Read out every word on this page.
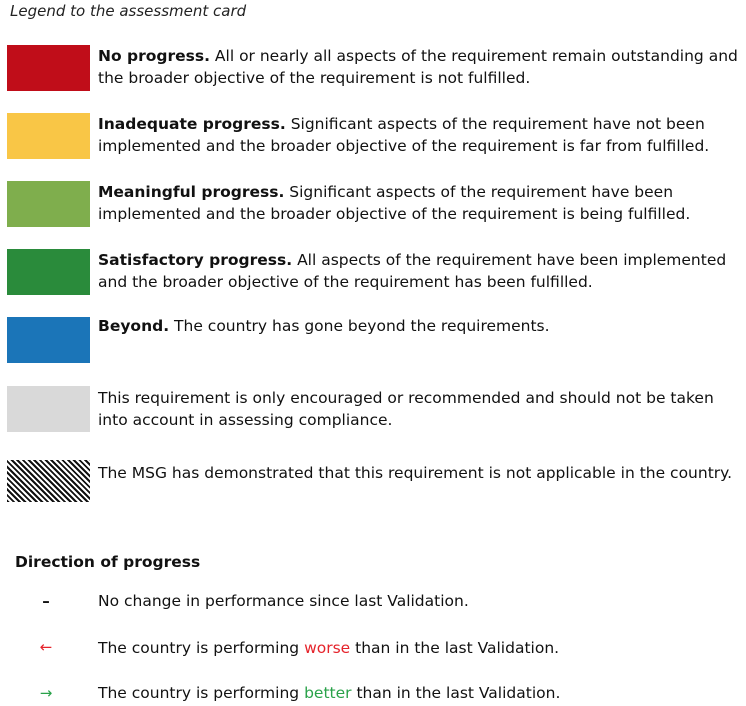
Legend to the assessment card
No progress. All or nearly all aspects of the requirement remain outstanding and the broader objective of the requirement is not fulfilled.
Inadequate progress. Significant aspects of the requirement have not been implemented and the broader objective of the requirement is far from fulfilled.
Meaningful progress. Significant aspects of the requirement have been implemented and the broader objective of the requirement is being fulfilled.
Satisfactory progress. All aspects of the requirement have been implemented and the broader objective of the requirement has been fulfilled.
Beyond. The country has gone beyond the requirements.
This requirement is only encouraged or recommended and should not be taken into account in assessing compliance.
The MSG has demonstrated that this requirement is not applicable in the country.
Direction of progress
–	No change in performance since last Validation.
←	The country is performing worse than in the last Validation.
→	The country is performing better than in the last Validation.
